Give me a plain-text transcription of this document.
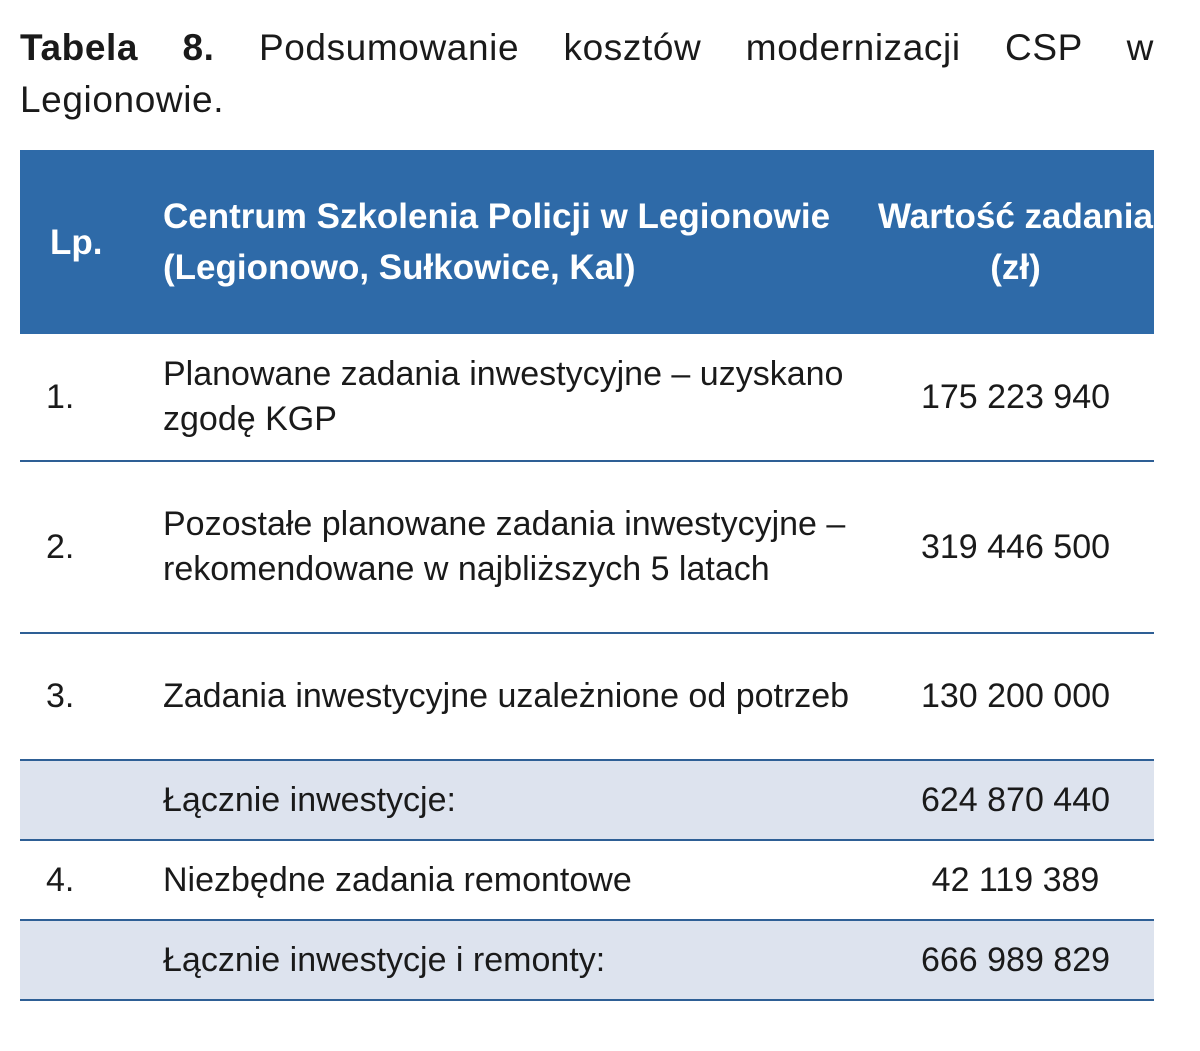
Tabela 8. Podsumowanie kosztów modernizacji CSP w Legionowie.
Lp.	Centrum Szkolenia Policji w Legionowie (Legionowo, Sułkowice, Kal)	Wartość zadania (zł)
1.	Planowane zadania inwestycyjne – uzyskano zgodę KGP	175 223 940
2.	Pozostałe planowane zadania inwestycyjne – rekomendowane w najbliższych 5 latach	319 446 500
3.	Zadania inwestycyjne uzależnione od potrzeb	130 200 000
	Łącznie inwestycje:	624 870 440
4.	Niezbędne zadania remontowe	42 119 389
	Łącznie inwestycje i remonty:	666 989 829
